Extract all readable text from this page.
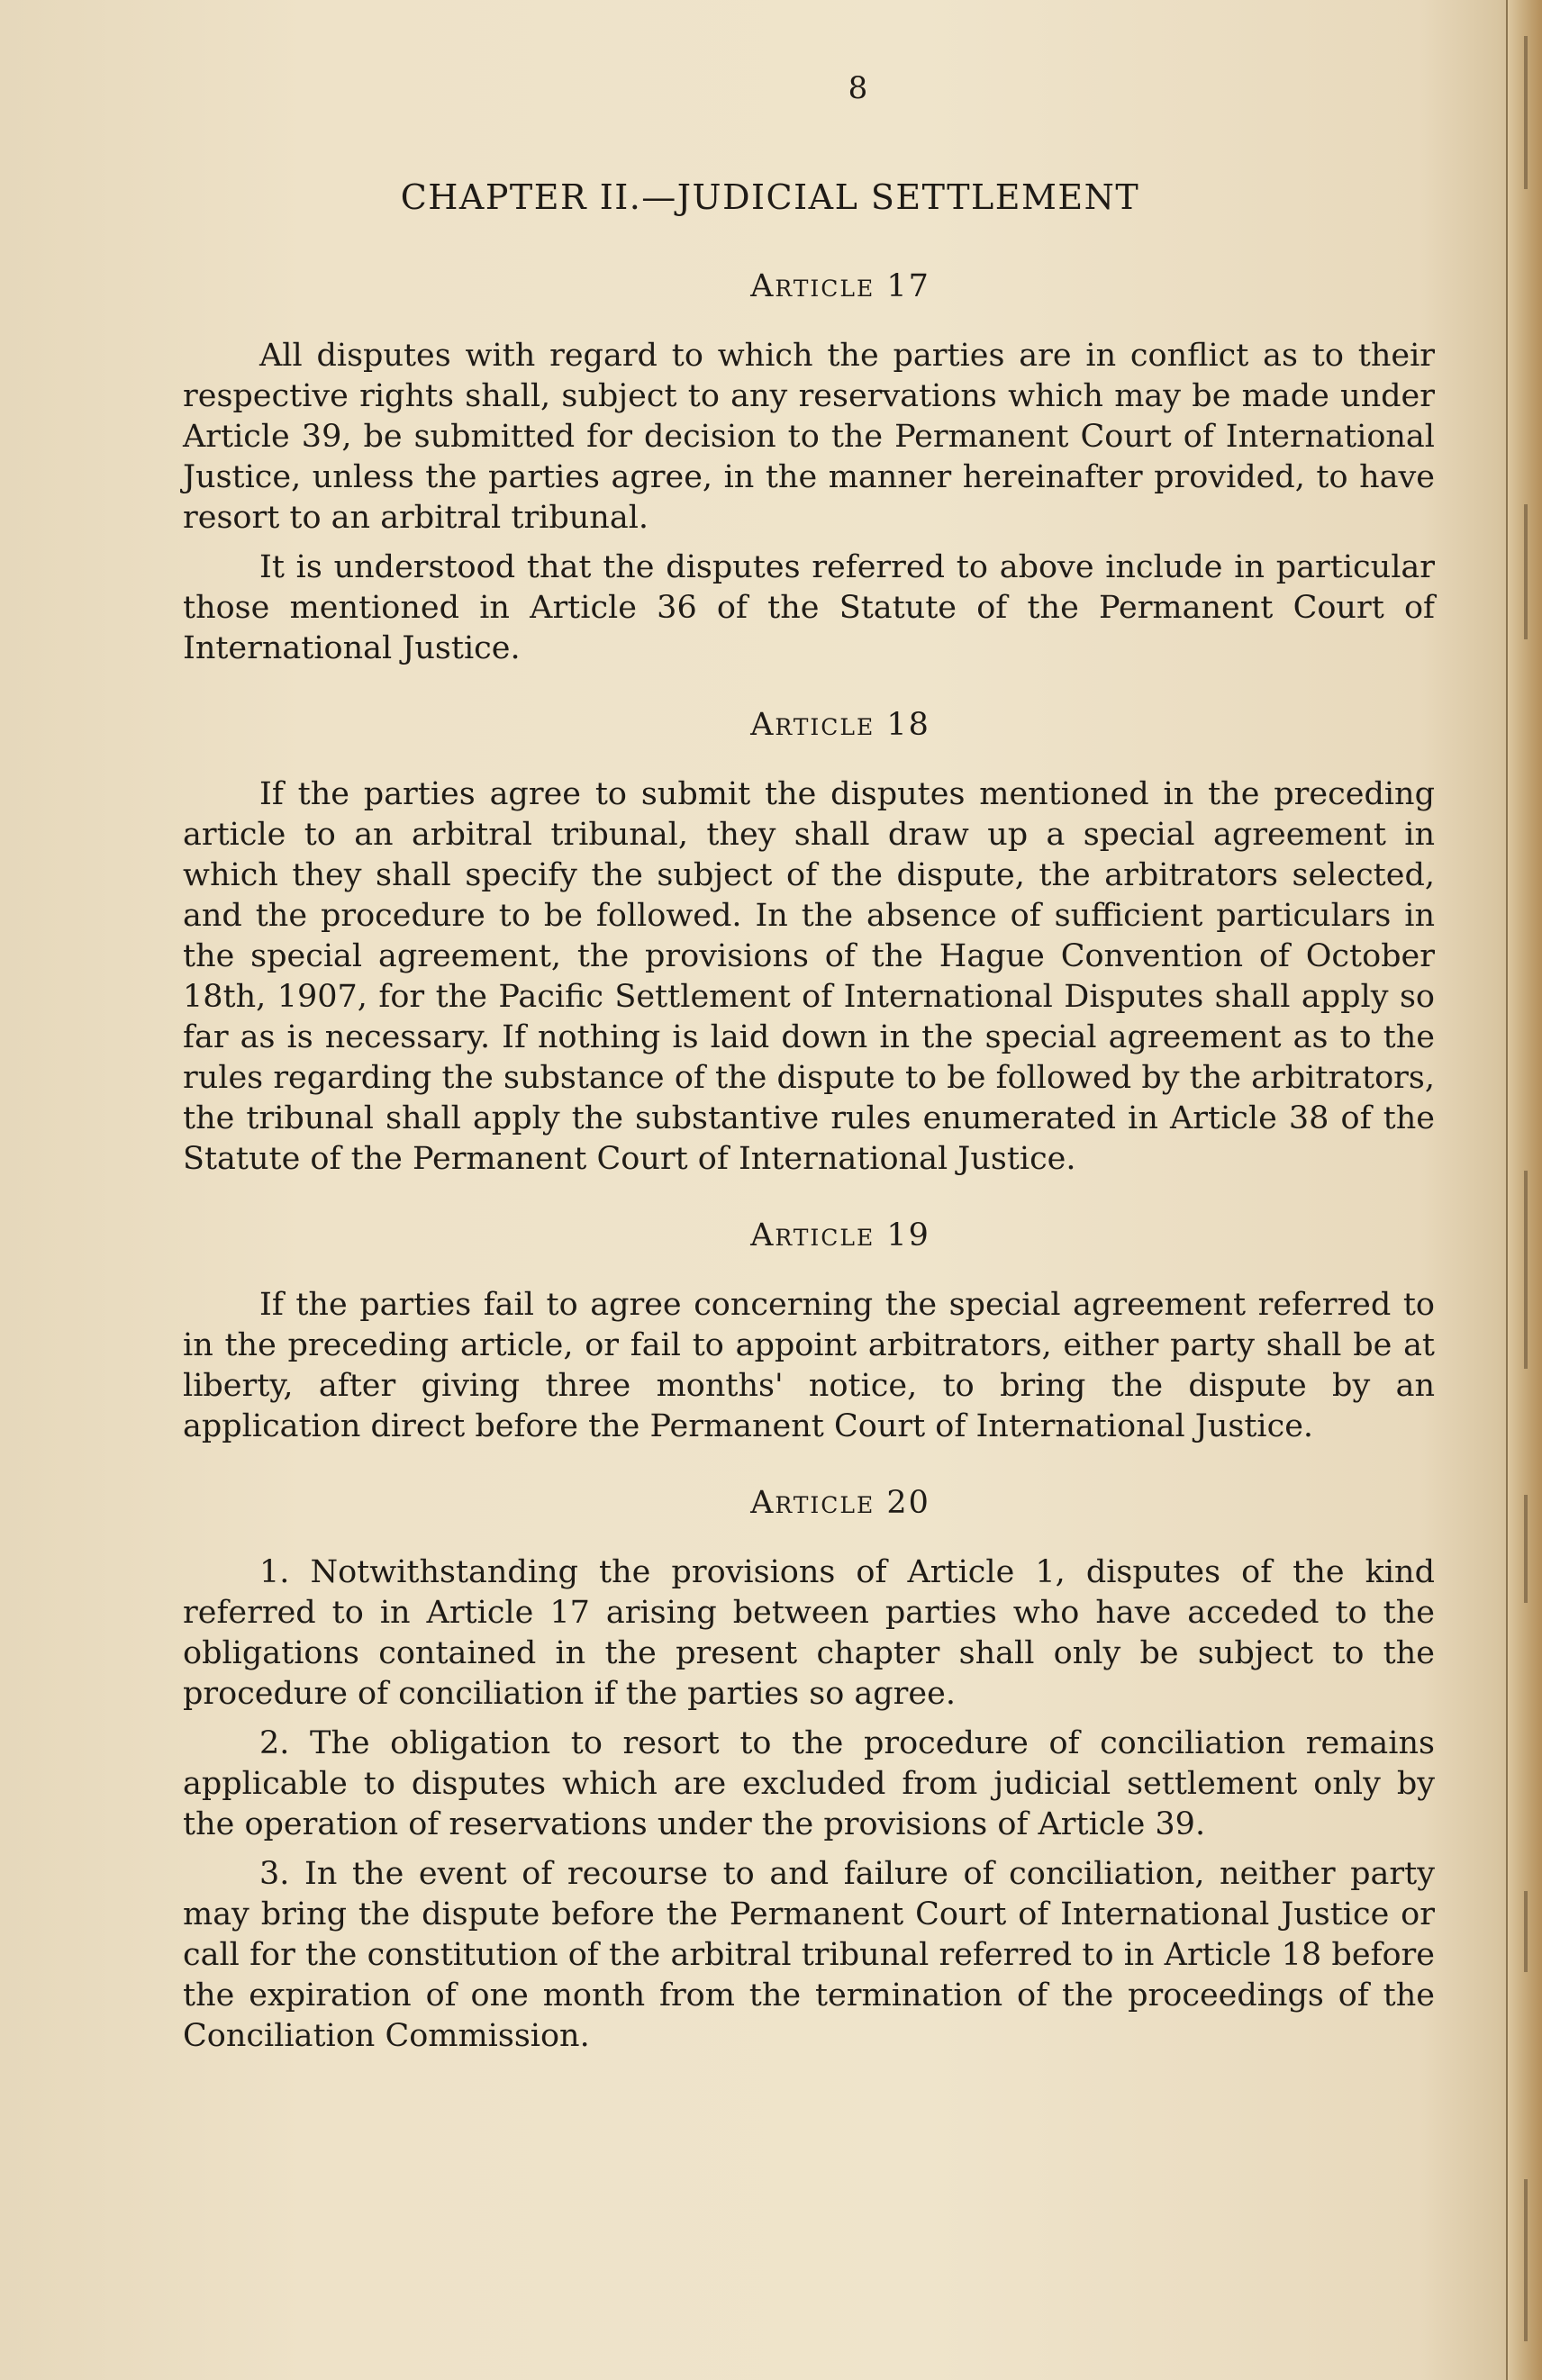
8
CHAPTER II.—JUDICIAL SETTLEMENT
Article 17

All disputes with regard to which the parties are in conflict as to their respective rights shall, subject to any reservations which may be made under Article 39, be submitted for decision to the Permanent Court of International Justice, unless the parties agree, in the manner hereinafter provided, to have resort to an arbitral tribunal.

It is understood that the disputes referred to above include in particular those mentioned in Article 36 of the Statute of the Permanent Court of International Justice.

Article 18

If the parties agree to submit the disputes mentioned in the preceding article to an arbitral tribunal, they shall draw up a special agreement in which they shall specify the subject of the dispute, the arbitrators selected, and the procedure to be followed. In the absence of sufficient particulars in the special agreement, the provisions of the Hague Convention of October 18th, 1907, for the Pacific Settlement of International Disputes shall apply so far as is necessary. If nothing is laid down in the special agreement as to the rules regarding the substance of the dispute to be followed by the arbitrators, the tribunal shall apply the substantive rules enumerated in Article 38 of the Statute of the Permanent Court of International Justice.

Article 19

If the parties fail to agree concerning the special agreement referred to in the preceding article, or fail to appoint arbitrators, either party shall be at liberty, after giving three months' notice, to bring the dispute by an application direct before the Permanent Court of International Justice.

Article 20

1. Notwithstanding the provisions of Article 1, disputes of the kind referred to in Article 17 arising between parties who have acceded to the obligations contained in the present chapter shall only be subject to the procedure of conciliation if the parties so agree.

2. The obligation to resort to the procedure of conciliation remains applicable to disputes which are excluded from judicial settlement only by the operation of reservations under the provisions of Article 39.

3. In the event of recourse to and failure of conciliation, neither party may bring the dispute before the Permanent Court of International Justice or call for the constitution of the arbitral tribunal referred to in Article 18 before the expiration of one month from the termination of the proceedings of the Conciliation Commission.
